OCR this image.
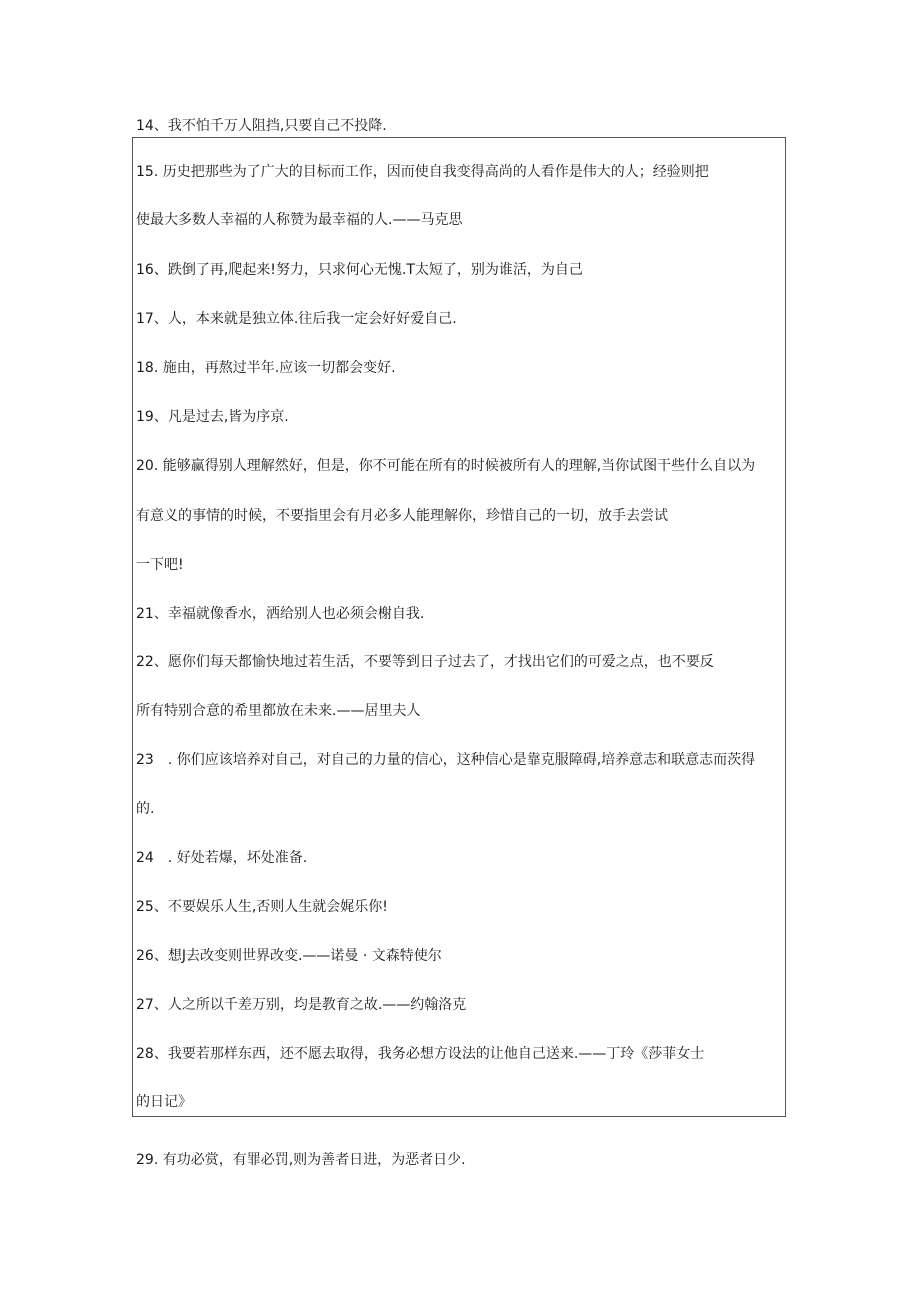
14、我不怕千万人阻挡,只要自己不投降.
15. 历史把那些为了广大的目标而工作，因而使自我变得高尚的人看作是伟大的人；经验则把
使最大多数人幸福的人称赞为最幸福的人.——马克思
16、跌倒了再,爬起来!努力，只求何心无愧.T太短了，别为谁活，为自己
17、人，本来就是独立体.往后我一定会好好爱自己.
18. 施由，再熬过半年.应该一切都会变好.
19、凡是过去,皆为序京.
20. 能够赢得别人理解然好，但是，你不可能在所有的时候被所有人的理解,当你试图干些什么自以为
有意义的事情的时候，不要指里会有月必多人能理解你，珍惜自己的一切，放手去尝试
一下吧!
21、幸福就像香水，洒给别人也必须会榭自我.
22、愿你们每天都愉快地过若生活，不要等到日子过去了，才找出它们的可爱之点，也不要反
所有特别合意的希里都放在未来.——居里夫人
23　. 你们应该培养对自己，对自己的力量的信心，这种信心是靠克服障碍,培养意志和联意志而茨得
的.
24　. 好处若爆，坏处准备.
25、不要娱乐人生,否则人生就会娓乐你!
26、想J去改变则世界改变.——诺曼 · 文森特使尔
27、人之所以千差万别，均是教育之故.——约翰洛克
28、我要若那样东西，还不愿去取得，我务必想方设法的让他自己送来.——丁玲《莎菲女士
的日记》
29. 有功必赏，有罪必罚,则为善者日进，为恶者日少.
